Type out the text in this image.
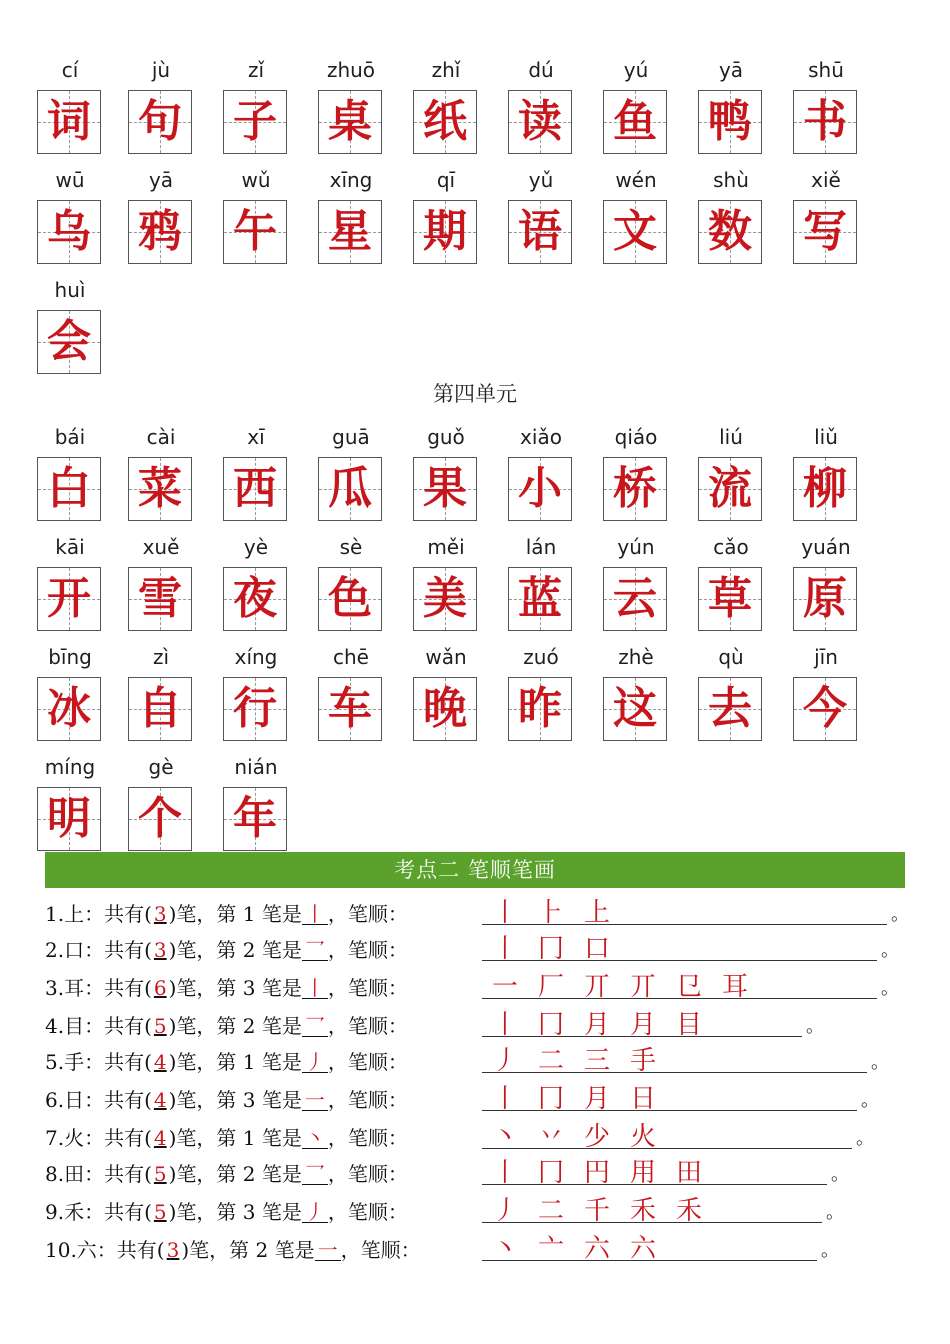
cí
词
jù
句
zǐ
子
zhuō
桌
zhǐ
纸
dú
读
yú
鱼
yā
鸭
shū
书
wū
乌
yā
鸦
wǔ
午
xīng
星
qī
期
yǔ
语
wén
文
shù
数
xiě
写
huì
会
第四单元
bái
白
cài
菜
xī
西
guā
瓜
guǒ
果
xiǎo
小
qiáo
桥
liú
流
liǔ
柳
kāi
开
xuě
雪
yè
夜
sè
色
měi
美
lán
蓝
yún
云
cǎo
草
yuán
原
bīng
冰
zì
自
xíng
行
chē
车
wǎn
晚
zuó
昨
zhè
这
qù
去
jīn
今
míng
明
gè
个
nián
年
考点二 笔顺笔画
1.上：共有( 3 )笔，第 1 笔是 丨 ，笔顺：	丨 ⺊ 上	。
2.口：共有( 3 )笔，第 2 笔是 乛 ，笔顺：	丨 冂 口	。
3.耳：共有( 6 )笔，第 3 笔是 丨 ，笔顺：	一 厂 丌 丌 㔾 耳	。
4.目：共有( 5 )笔，第 2 笔是 乛 ，笔顺：	丨 冂 月 月 目	。
5.手：共有( 4 )笔，第 1 笔是 丿 ，笔顺：	丿 二 三 手	。
6.日：共有( 4 )笔，第 3 笔是 一 ，笔顺：	丨 冂 月 日	。
7.火：共有( 4 )笔，第 1 笔是 丶 ，笔顺：	丶 丷 少 火	。
8.田：共有( 5 )笔，第 2 笔是 乛 ，笔顺：	丨 冂 円 用 田	。
9.禾：共有( 5 )笔，第 3 笔是 丿 ，笔顺：	丿 二 千 禾 禾	。
10.六：共有( 3 )笔，第 2 笔是 一 ，笔顺：	丶 亠 六 六	。
